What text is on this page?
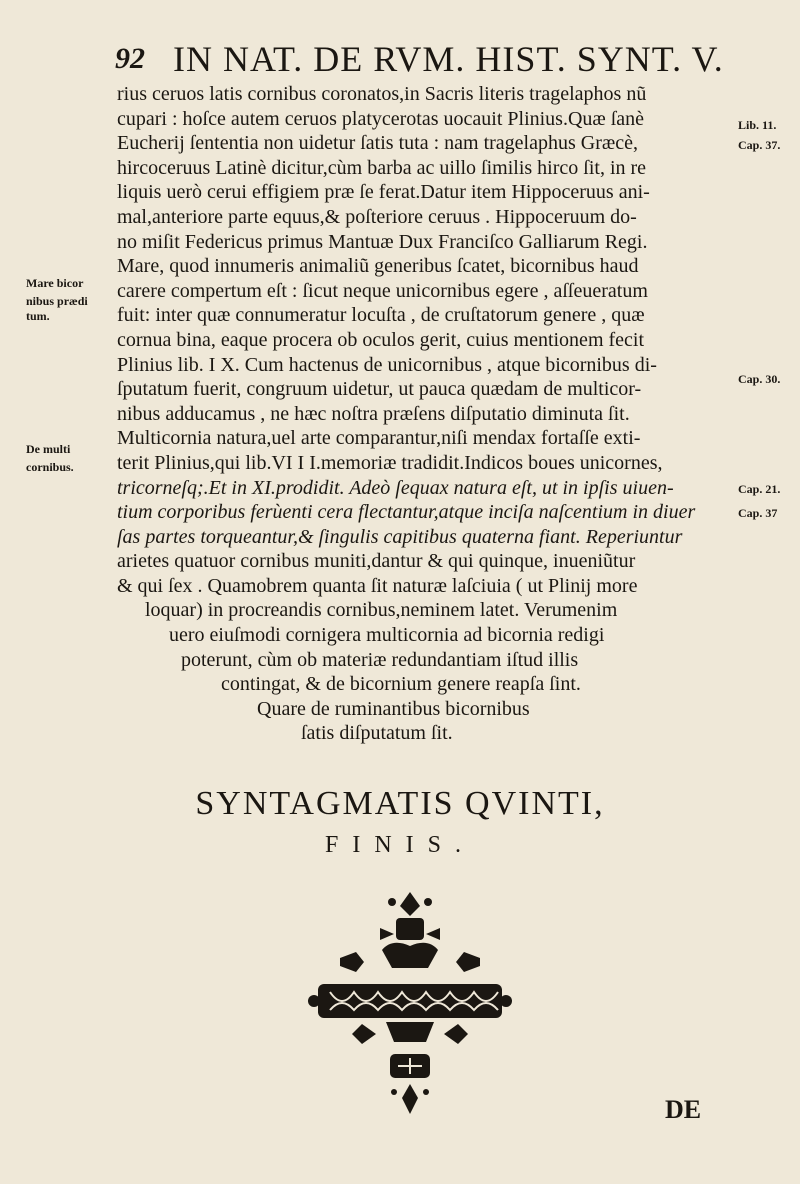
92 IN NAT. DE RVM. HIST. SYNT. V.
rius ceruos latis cornibus coronatos,in Sacris literis tragelaphos nũ
cupari : hoſce autem ceruos platycerotas uocauit Plinius.Quæ ſanè
Eucherij ſententia non uidetur ſatis tuta : nam tragelaphus Græcè,
hircoceruus Latinè dicitur,cùm barba ac uillo ſimilis hirco ſit, in re
liquis uerò cerui effigiem præ ſe ferat.Datur item Hippoceruus ani-
mal,anteriore parte equus,& poſteriore ceruus . Hippoceruum do-
no miſit Federicus primus Mantuæ Dux Franciſco Galliarum Regi.
Mare, quod innumeris animaliũ generibus ſcatet, bicornibus haud
carere compertum eſt : ſicut neque unicornibus egere , aſſeueratum
fuit: inter quæ connumeratur locuſta , de cruſtatorum genere , quæ
cornua bina, eaque procera ob oculos gerit, cuius mentionem fecit
Plinius lib. I X. Cum hactenus de unicornibus , atque bicornibus di-
ſputatum fuerit, congruum uidetur, ut pauca quædam de multicor-
nibus adducamus , ne hæc noſtra præſens diſputatio diminuta ſit.
Multicornia natura,uel arte comparantur,niſi mendax fortaſſe exti-
terit Plinius,qui lib.VI I I.memoriæ tradidit.Indicos boues unicornes,
tricorneſq;.Et in XI.prodidit. Adeò ſequax natura eſt, ut in ipſis uiuen-
tium corporibus ferùenti cera flectantur,atque inciſa naſcentium in diuer
ſas partes torqueantur,& ſingulis capitibus quaterna fiant. Reperiuntur
arietes quatuor cornibus muniti,dantur & qui quinque, inueniũtur
& qui ſex . Quamobrem quanta ſit naturæ laſciuia ( ut Plinij more
loquar) in procreandis cornibus,neminem latet. Verumenim
uero eiuſmodi cornigera multicornia ad bicornia redigi
poterunt, cùm ob materiæ redundantiam iſtud illis
contingat, & de bicornium genere reapſa ſint.
Quare de ruminantibus bicornibus
ſatis diſputatum ſit.
Mare bicor
nibus prædi
tum.
De multi
cornibus.
Lib. 11.
Cap. 37.
Cap. 30.
Cap. 21.
Cap. 37
SYNTAGMATIS QVINTI,
FINIS.
DE
